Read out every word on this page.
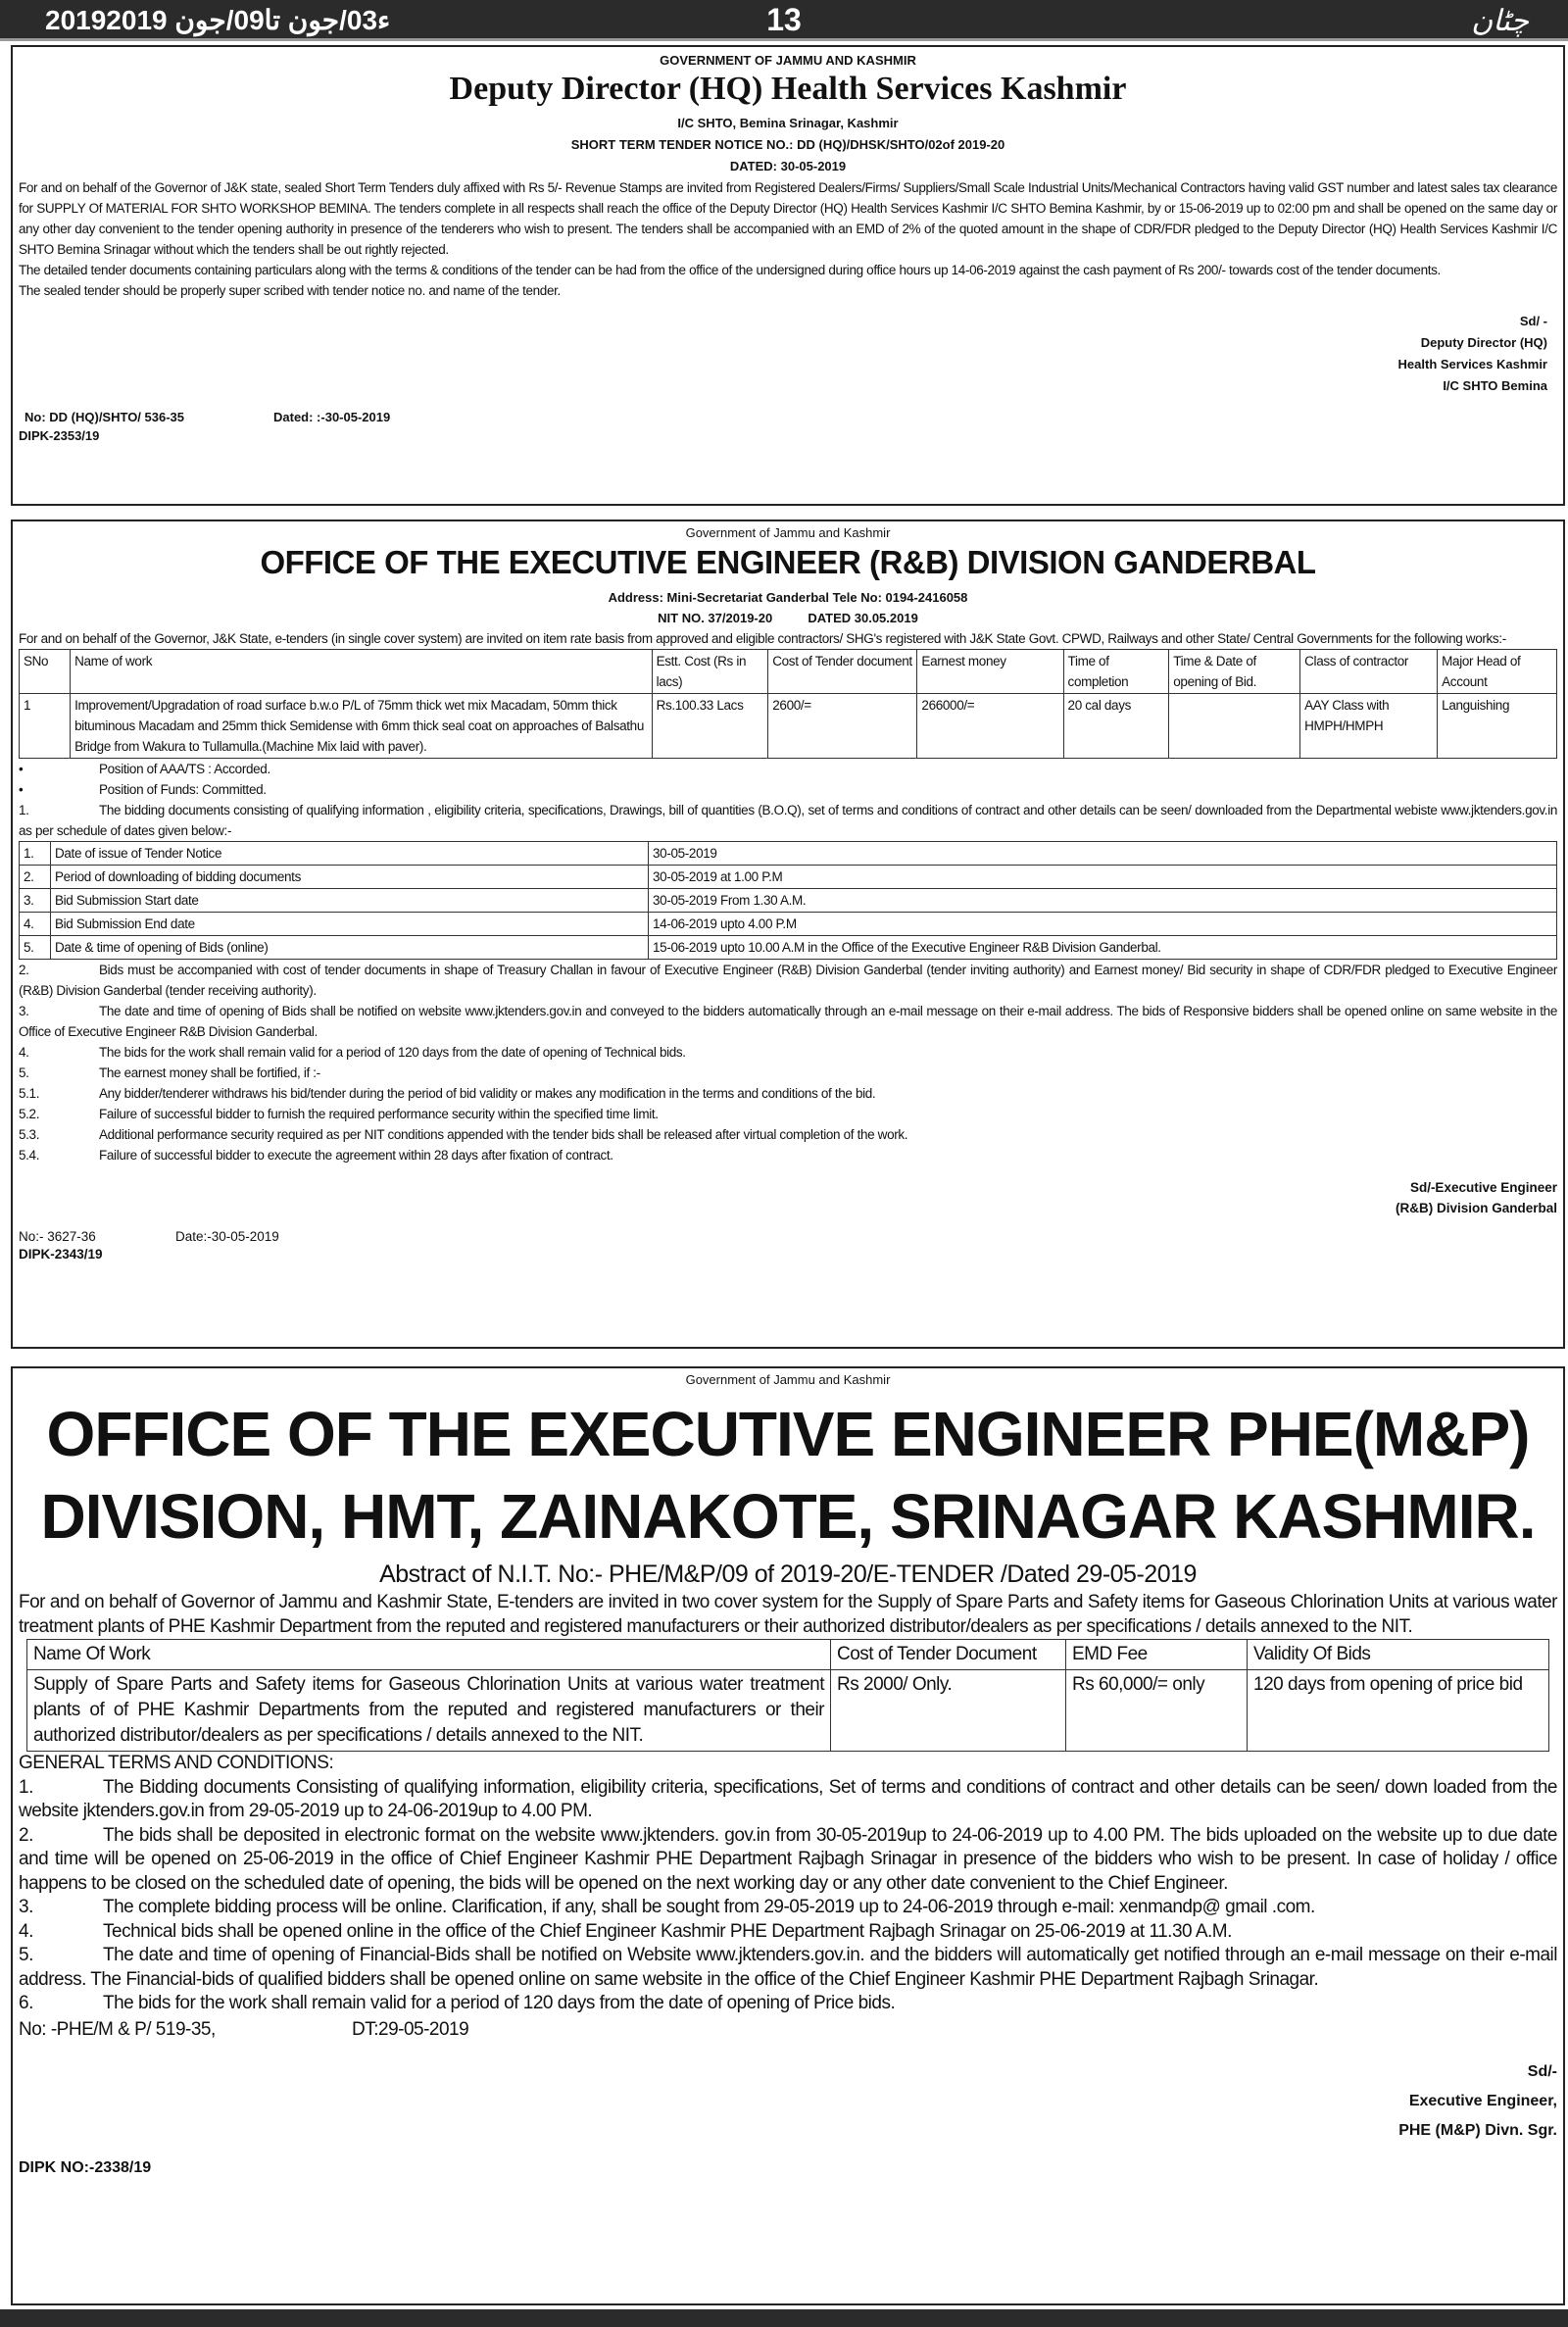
2019ء03/جون تا09/جون 2019	13	چٹان
GOVERNMENT OF JAMMU AND KASHMIR
Deputy Director (HQ) Health Services Kashmir
I/C SHTO, Bemina Srinagar, Kashmir
SHORT TERM TENDER NOTICE NO.: DD (HQ)/DHSK/SHTO/02of 2019-20
DATED: 30-05-2019
For and on behalf of the Governor of J&K state, sealed Short Term Tenders duly affixed with Rs 5/- Revenue Stamps are invited from Registered Dealers/Firms/ Suppliers/Small Scale Industrial Units/Mechanical Contractors having valid GST number and latest sales tax clearance for SUPPLY Of MATERIAL FOR SHTO WORKSHOP BEMINA. The tenders complete in all respects shall reach the office of the Deputy Director (HQ) Health Services Kashmir I/C SHTO Bemina Kashmir, by or 15-06-2019 up to 02:00 pm and shall be opened on the same day or any other day convenient to the tender opening authority in presence of the tenderers who wish to present. The tenders shall be accompanied with an EMD of 2% of the quoted amount in the shape of CDR/FDR pledged to the Deputy Director (HQ) Health Services Kashmir I/C SHTO Bemina Srinagar without which the tenders shall be out rightly rejected.
The detailed tender documents containing particulars along with the terms & conditions of the tender can be had from the office of the undersigned during office hours up 14-06-2019 against the cash payment of Rs 200/- towards cost of the tender documents.
The sealed tender should be properly super scribed with tender notice no. and name of the tender.
Sd/ -
Deputy Director (HQ)
Health Services Kashmir
I/C SHTO Bemina
No: DD (HQ)/SHTO/ 536-35	Dated: :-30-05-2019
DIPK-2353/19
Government of Jammu and Kashmir
OFFICE OF THE EXECUTIVE ENGINEER (R&B) DIVISION GANDERBAL
Address: Mini-Secretariat Ganderbal Tele No: 0194-2416058
NIT NO. 37/2019-20          DATED 30.05.2019
For and on behalf of the Governor, J&K State, e-tenders (in single cover system) are invited on item rate basis from approved and eligible contractors/ SHG's registered with J&K State Govt. CPWD, Railways and other State/ Central Governments for the following works:-
SNo	Name of work	Estt. Cost (Rs in lacs)	Cost of Tender document	Earnest money	Time of completion	Time & Date of opening of Bid.	Class of contractor	Major Head of Account
1	Improvement/Upgradation of road surface b.w.o P/L of 75mm thick wet mix Macadam, 50mm thick bituminous Macadam and 25mm thick Semidense with 6mm thick seal coat on approaches of Balsathu Bridge from Wakura to Tullamulla.(Machine Mix laid with paver).	Rs.100.33 Lacs	2600/=	266000/=	20 cal days		AAY Class with HMPH/HMPH	Languishing
•	Position of AAA/TS : Accorded.
•	Position of Funds: Committed.
1.	The bidding documents consisting of qualifying information , eligibility criteria, specifications, Drawings, bill of quantities (B.O.Q), set of terms and conditions of contract and other details can be seen/ downloaded from the Departmental webiste www.jktenders.gov.in as per schedule of dates given below:-
1.	Date of issue of Tender Notice	30-05-2019
2.	Period of downloading of bidding documents	30-05-2019 at 1.00 P.M
3.	Bid Submission Start date	30-05-2019 From 1.30 A.M.
4.	Bid Submission End date	14-06-2019 upto 4.00 P.M
5.	Date & time of opening of Bids (online)	15-06-2019 upto 10.00 A.M in the Office of the Executive Engineer R&B Division Ganderbal.
2.	Bids must be accompanied with cost of tender documents in shape of Treasury Challan in favour of Executive Engineer (R&B) Division Ganderbal (tender inviting authority) and Earnest money/ Bid security in shape of CDR/FDR pledged to Executive Engineer (R&B) Division Ganderbal (tender receiving authority).
3.	The date and time of opening of Bids shall be notified on website www.jktenders.gov.in and conveyed to the bidders automatically through an e-mail message on their e-mail address. The bids of Responsive bidders shall be opened online on same website in the Office of Executive Engineer R&B Division Ganderbal.
4.	The bids for the work shall remain valid for a period of 120 days from the date of opening of Technical bids.
5.	The earnest money shall be fortified, if :-
5.1.	Any bidder/tenderer withdraws his bid/tender during the period of bid validity or makes any modification in the terms and conditions of the bid.
5.2.	Failure of successful bidder to furnish the required performance security within the specified time limit.
5.3.	Additional performance security required as per NIT conditions appended with the tender bids shall be released after virtual completion of the work.
5.4.	Failure of successful bidder to execute the agreement within 28 days after fixation of contract.
Sd/-Executive Engineer
(R&B) Division Ganderbal
No:- 3627-36	Date:-30-05-2019
DIPK-2343/19
Government of Jammu and Kashmir
OFFICE OF THE EXECUTIVE ENGINEER PHE(M&P)
DIVISION, HMT, ZAINAKOTE, SRINAGAR KASHMIR.
Abstract of N.I.T. No:- PHE/M&P/09 of 2019-20/E-TENDER /Dated 29-05-2019
For and on behalf of Governor of Jammu and Kashmir State, E-tenders are invited in two cover system for the Supply of Spare Parts and Safety items for Gaseous Chlorination Units at various water treatment plants of PHE Kashmir Department from the reputed and registered manufacturers or their authorized distributor/dealers as per specifications / details annexed to the NIT.
Name Of Work	Cost of Tender Document	EMD Fee	Validity Of Bids
Supply of Spare Parts and Safety items for Gaseous Chlorination Units at various water treatment plants of of PHE Kashmir Departments from the reputed and registered manufacturers or their authorized distributor/dealers as per specifications / details annexed to the NIT.	Rs 2000/ Only.	Rs 60,000/= only	120 days from opening of price bid
GENERAL TERMS AND CONDITIONS:
1.	The Bidding documents Consisting of qualifying information, eligibility criteria, specifications, Set of terms and conditions of contract and other details can be seen/ down loaded from the website jktenders.gov.in from 29-05-2019 up to 24-06-2019up to 4.00 PM.
2.	The bids shall be deposited in electronic format on the website www.jktenders. gov.in from 30-05-2019up to 24-06-2019 up to 4.00 PM. The bids uploaded on the website up to due date and time will be opened on 25-06-2019 in the office of Chief Engineer Kashmir PHE Department Rajbagh Srinagar in presence of the bidders who wish to be present. In case of holiday / office happens to be closed on the scheduled date of opening, the bids will be opened on the next working day or any other date convenient to the Chief Engineer.
3.	The complete bidding process will be online. Clarification, if any, shall be sought from 29-05-2019 up to 24-06-2019 through e-mail: xenmandp@ gmail .com.
4.	Technical bids shall be opened online in the office of the Chief Engineer Kashmir PHE Department Rajbagh Srinagar on 25-06-2019 at 11.30 A.M.
5.	The date and time of opening of Financial-Bids shall be notified on Website www.jktenders.gov.in. and the bidders will automatically get notified through an e-mail message on their e-mail address. The Financial-bids of qualified bidders shall be opened online on same website in the office of the Chief Engineer Kashmir PHE Department Rajbagh Srinagar.
6.	The bids for the work shall remain valid for a period of 120 days from the date of opening of Price bids.
No: -PHE/M & P/ 519-35,	DT:29-05-2019
Sd/-
Executive Engineer,
PHE (M&P) Divn. Sgr.
DIPK NO:-2338/19
